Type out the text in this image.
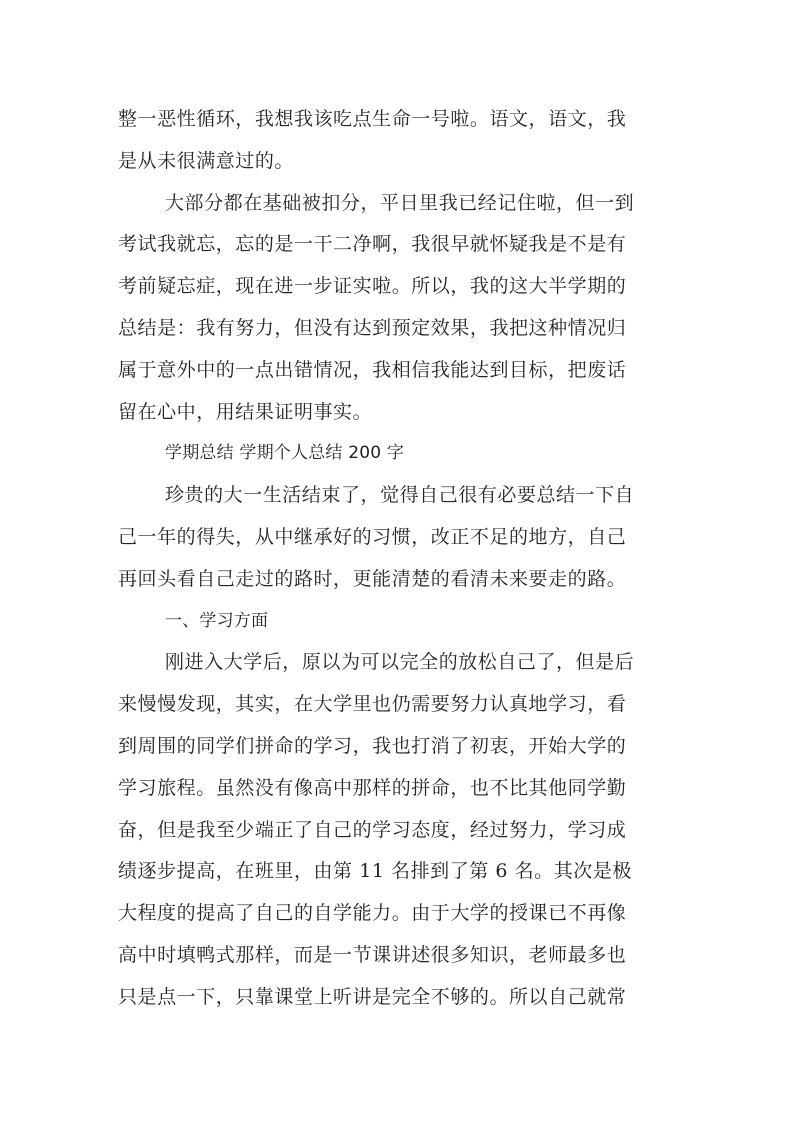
整一恶性循环，我想我该吃点生命一号啦。语文，语文，我
是从未很满意过的。
大部分都在基础被扣分，平日里我已经记住啦，但一到
考试我就忘，忘的是一干二净啊，我很早就怀疑我是不是有
考前疑忘症，现在进一步证实啦。所以，我的这大半学期的
总结是：我有努力，但没有达到预定效果，我把这种情况归
属于意外中的一点出错情况，我相信我能达到目标，把废话
留在心中，用结果证明事实。
学期总结 学期个人总结 200 字
珍贵的大一生活结束了，觉得自己很有必要总结一下自
己一年的得失，从中继承好的习惯，改正不足的地方，自己
再回头看自己走过的路时，更能清楚的看清未来要走的路。
一、学习方面
刚进入大学后，原以为可以完全的放松自己了，但是后
来慢慢发现，其实，在大学里也仍需要努力认真地学习，看
到周围的同学们拼命的学习，我也打消了初衷，开始大学的
学习旅程。虽然没有像高中那样的拼命，也不比其他同学勤
奋，但是我至少端正了自己的学习态度，经过努力，学习成
绩逐步提高，在班里，由第 11 名排到了第 6 名。其次是极
大程度的提高了自己的自学能力。由于大学的授课已不再像
高中时填鸭式那样，而是一节课讲述很多知识，老师最多也
只是点一下，只靠课堂上听讲是完全不够的。所以自己就常
